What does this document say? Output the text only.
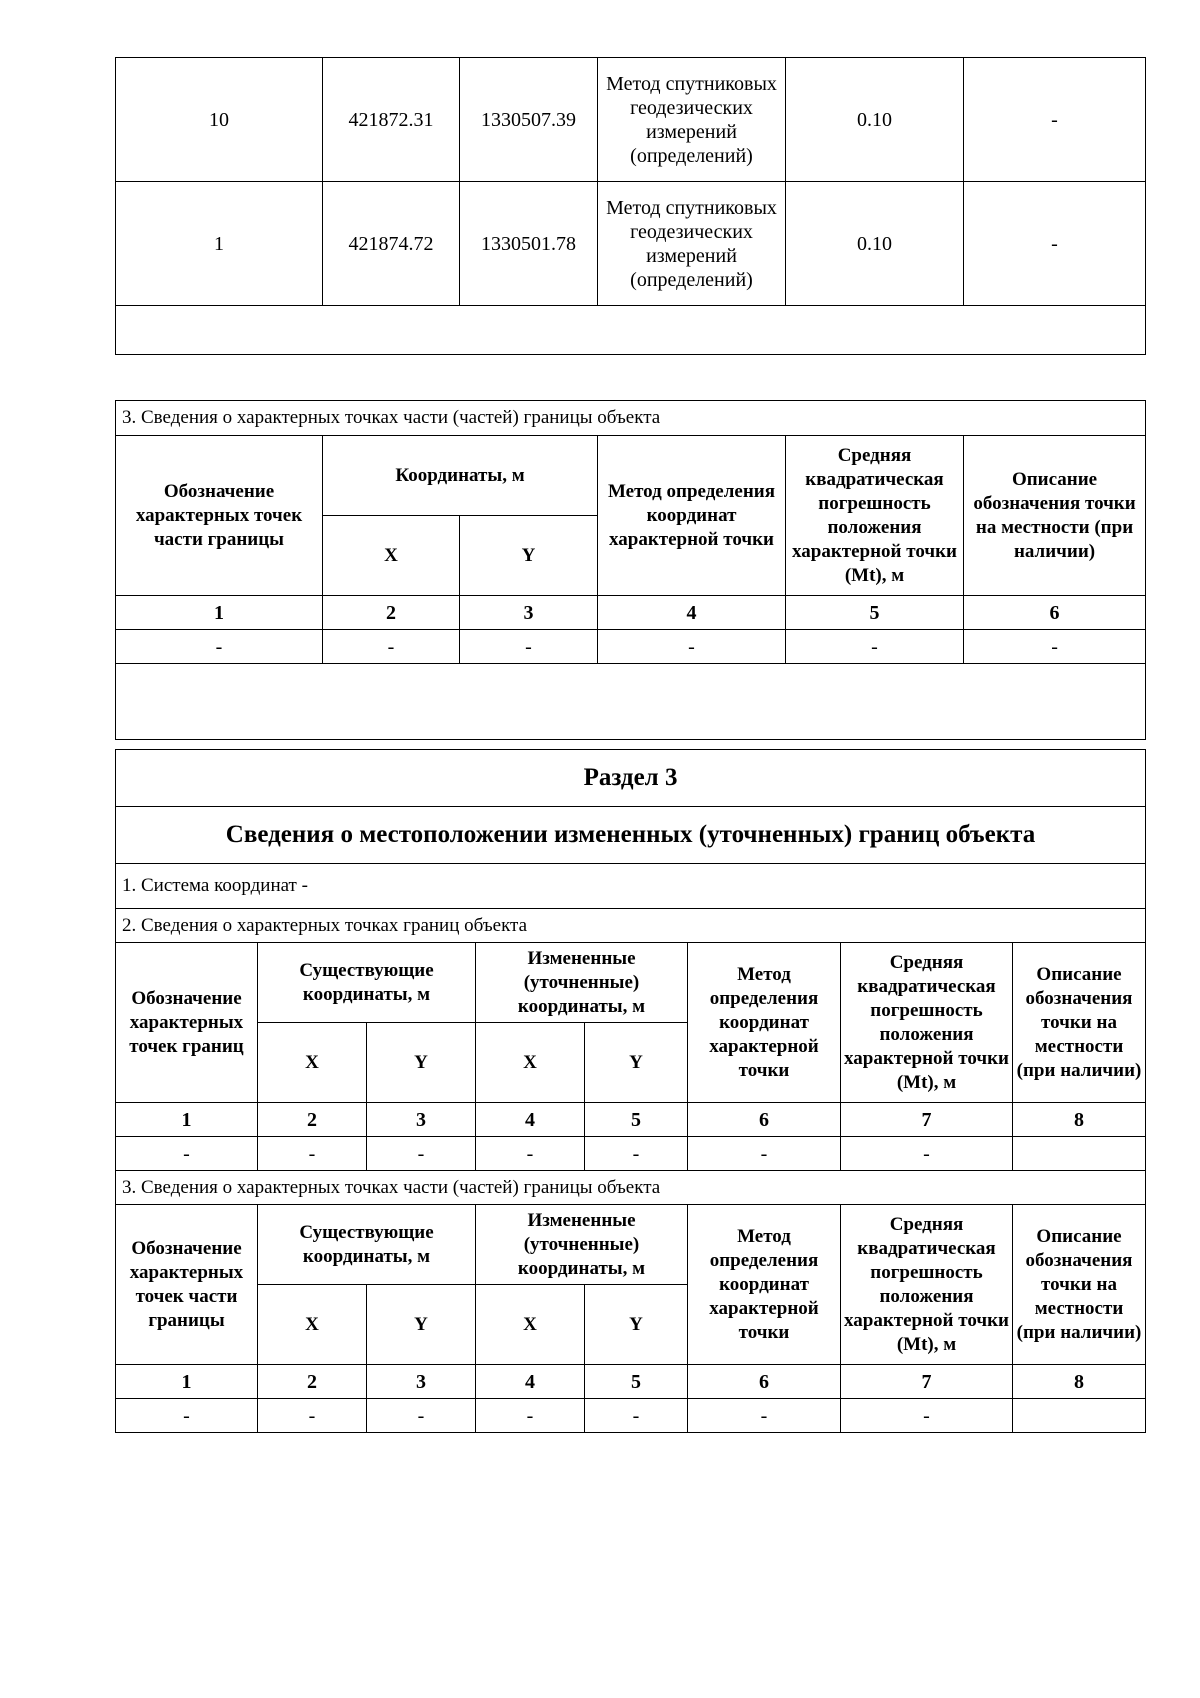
10	421872.31	1330507.39	Метод спутниковых геодезических измерений (определений)	0.10	-
1	421874.72	1330501.78	Метод спутниковых геодезических измерений (определений)	0.10	-

3. Сведения о характерных точках части (частей) границы объекта					
Обозначение характерных точек части границы	Координаты, м		Метод определения координат характерной точки	Средняя квадратическая погрешность положения характерной точки (Mt), м	Описание обозначения точки на местности (при наличии)
	X	Y			
1	2	3	4	5	6
-	-	-	-	-	-

Раздел 3							
Сведения о местоположении измененных (уточненных) границ объекта							
1. Система координат -							
2. Сведения о характерных точках границ объекта							
Обозначение характерных точек границ	Существующие координаты, м		Измененные (уточненные) координаты, м		Метод определения координат характерной точки	Средняя квадратическая погрешность положения характерной точки (Mt), м	Описание обозначения точки на местности (при наличии)
	X	Y	X	Y			
1	2	3	4	5	6	7	8
-	-	-	-	-	-	-	
3. Сведения о характерных точках части (частей) границы объекта							
Обозначение характерных точек части границы	Существующие координаты, м		Измененные (уточненные) координаты, м		Метод определения координат характерной точки	Средняя квадратическая погрешность положения характерной точки (Mt), м	Описание обозначения точки на местности (при наличии)
	X	Y	X	Y			
1	2	3	4	5	6	7	8
-	-	-	-	-	-	-	
